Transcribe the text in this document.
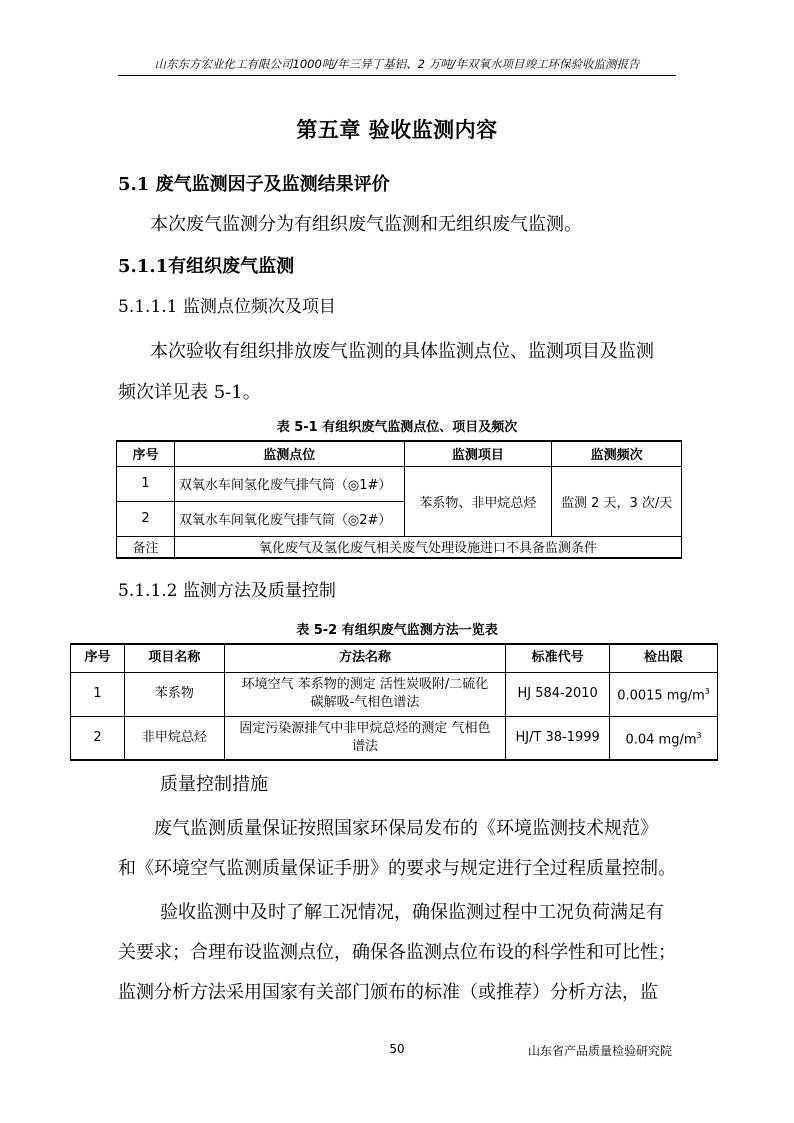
山东东方宏业化工有限公司1000吨/年三异丁基铝、2 万吨/年双氧水项目竣工环保验收监测报告
第五章 验收监测内容
5.1 废气监测因子及监测结果评价
本次废气监测分为有组织废气监测和无组织废气监测。
5.1.1有组织废气监测
5.1.1.1 监测点位频次及项目
本次验收有组织排放废气监测的具体监测点位、监测项目及监测
频次详见表 5-1。
表 5-1 有组织废气监测点位、项目及频次
序号	监测点位	监测项目	监测频次
1	双氧水车间氢化废气排气筒（◎1#）	苯系物、非甲烷总烃	监测 2 天，3 次/天
2	双氧水车间氧化废气排气筒（◎2#）		
备注	氧化废气及氢化废气相关废气处理设施进口不具备监测条件		
5.1.1.2 监测方法及质量控制
表 5-2 有组织废气监测方法一览表
序号	项目名称	方法名称	标准代号	检出限
1	苯系物	环境空气 苯系物的测定 活性炭吸附/二硫化
碳解吸-气相色谱法	HJ 584-2010	0.0015 $mg/m^3$
2	非甲烷总烃	固定污染源排气中非甲烷总烃的测定 气相色
谱法	HJ/T 38-1999	0.04 $mg/m^3$
质量控制措施
废气监测质量保证按照国家环保局发布的《环境监测技术规范》
和《环境空气监测质量保证手册》的要求与规定进行全过程质量控制。
验收监测中及时了解工况情况，确保监测过程中工况负荷满足有
关要求；合理布设监测点位，确保各监测点位布设的科学性和可比性；
监测分析方法采用国家有关部门颁布的标准（或推荐）分析方法，监
50	山东省产品质量检验研究院
